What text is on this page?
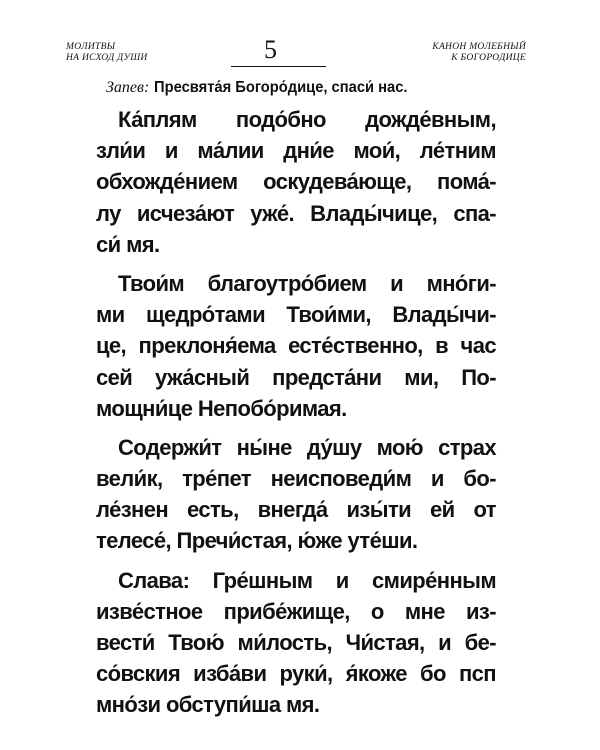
МОЛИТВЫ
НА ИСХОД ДУШИ	5	КАНОН МОЛЕБНЫЙ
К БОГОРОДИЦЕ
Запев: Пресвята́я Богоро́дице, спаси́ нас.
Ка́плям подо́бно дожде́вным,
зли́и и ма́лии дни́е мои́, ле́тним
обхожде́нием оскудева́юще, пома́-
лу исчеза́ют уже́. Влады́чице, спа-
си́ мя.
Твои́м благоутро́бием и мно́ги-
ми щедро́тами Твои́ми, Влады́чи-
це, преклоня́ема есте́ственно, в час
сей ужа́сный предста́ни ми, По-
мощни́це Непобо́римая.
Содержи́т ны́не ду́шу мою́ страх
вели́к, тре́пет неисповеди́м и бо-
ле́знен есть, внегда́ изы́ти ей от
телесе́, Пречи́стая, ю́же уте́ши.
Слава: Гре́шным и смире́нным
изве́стное прибе́жище, о мне из-
вести́ Твою́ ми́лость, Чи́стая, и бе-
со́вския изба́ви руки́, я́коже бо псп
мно́зи обступи́ша мя.
